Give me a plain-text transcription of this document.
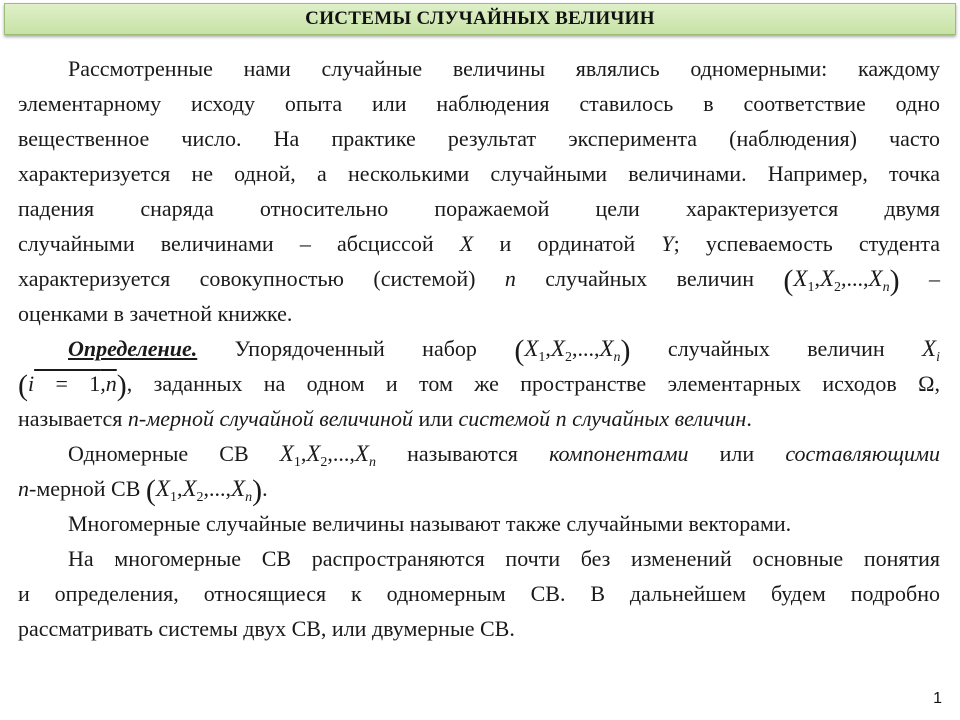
СИСТЕМЫ СЛУЧАЙНЫХ ВЕЛИЧИН

Рассмотренные нами случайные величины являлись одномерными: каждому

элементарному исходу опыта или наблюдения ставилось в соответствие одно

вещественное число. На практике результат эксперимента (наблюдения) часто

характеризуется не одной, а несколькими случайными величинами. Например, точка

падения снаряда относительно поражаемой цели характеризуется двумя

случайными величинами – абсциссой X и ординатой Y; успеваемость студента

характеризуется совокупностью (системой) n случайных величин $(X_1,X_2,...,X_n)$ –

оценками в зачетной книжке.

Определение. Упорядоченный набор $(X_1,X_2,...,X_n)$ случайных величин $X_i$

(i = 1,n), заданных на одном и том же пространстве элементарных исходов Ω,

называется n-мерной случайной величиной или системой n случайных величин.

Одномерные СВ $X_1,X_2,...,X_n$ называются компонентами или составляющими

n-мерной СВ $(X_1,X_2,...,X_n)$.

Многомерные случайные величины называют также случайными векторами.

На многомерные СВ распространяются почти без изменений основные понятия

и определения, относящиеся к одномерным СВ. В дальнейшем будем подробно

рассматривать системы двух СВ, или двумерные СВ.

1
